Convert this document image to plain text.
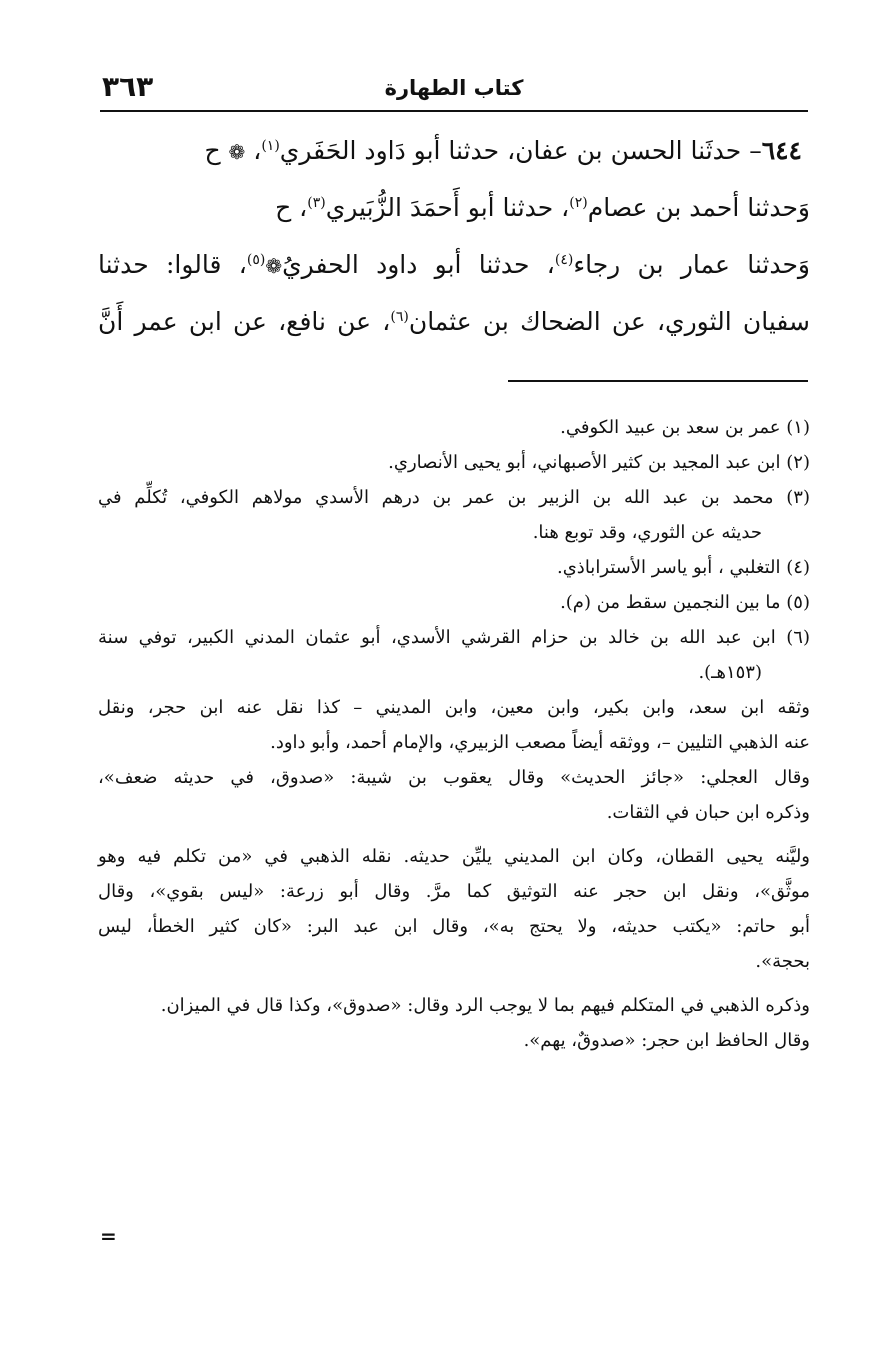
كتاب الطهارة
٣٦٣
٦٤٤– حدثَنا الحسن بن عفان، حدثنا أبو دَاود الحَفَري$^{(١)}$، ❁ ح
وَحدثنا أحمد بن عصام$^{(٢)}$، حدثنا أبو أَحمَدَ الزُّبَيري$^{(٣)}$، ح
وَحدثنا عمار بن رجاء$^{(٤)}$، حدثنا أبو داود الحفريُ❁$^{(٥)}$، قالوا: حدثنا
سفيان الثوري، عن الضحاك بن عثمان$^{(٦)}$، عن نافع، عن ابن عمر أَنَّ
(١) عمر بن سعد بن عبيد الكوفي.
(٢) ابن عبد المجيد بن كثير الأصبهاني، أبو يحيى الأنصاري.
(٣) محمد بن عبد الله بن الزبير بن عمر بن درهم الأسدي مولاهم الكوفي، تُكلِّم في
حديثه عن الثوري، وقد توبع هنا.
(٤) التغلبي ، أبو ياسر الأستراباذي.
(٥) ما بين النجمين سقط من (م).
(٦) ابن عبد الله بن خالد بن حزام القرشي الأسدي، أبو عثمان المدني الكبير، توفي سنة
(١٥٣هـ).
وثقه ابن سعد، وابن بكير، وابن معين، وابن المديني – كذا نقل عنه ابن حجر، ونقل
عنه الذهبي التليين –، ووثقه أيضاً مصعب الزبيري، والإمام أحمد، وأبو داود.
وقال العجلي: «جائز الحديث» وقال يعقوب بن شيبة: «صدوق، في حديثه ضعف»،
وذكره ابن حبان في الثقات.
وليَّنه يحيى القطان، وكان ابن المديني يليِّن حديثه. نقله الذهبي في «من تكلم فيه وهو
موثَّق»، ونقل ابن حجر عنه التوثيق كما مرَّ. وقال أبو زرعة: «ليس بقوي»، وقال
أبو حاتم: «يكتب حديثه، ولا يحتج به»، وقال ابن عبد البر: «كان كثير الخطأ، ليس
بحجة».
وذكره الذهبي في المتكلم فيهم بما لا يوجب الرد وقال: «صدوق»، وكذا قال في الميزان.
وقال الحافظ ابن حجر: «صدوقٌ، يهم».
=
